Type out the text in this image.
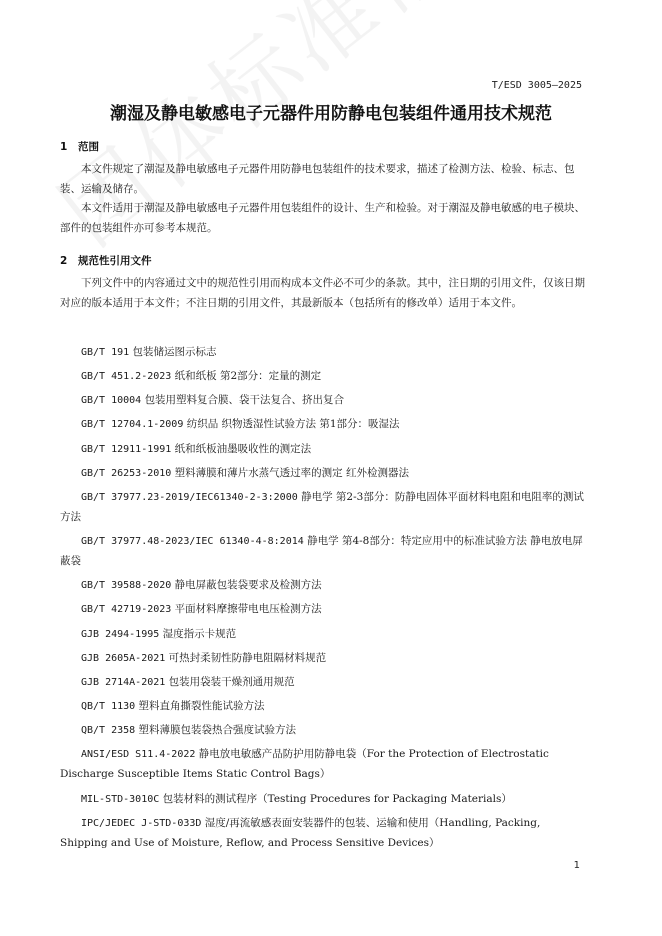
T/ESD 3005—2025
潮湿及静电敏感电子元器件用防静电包装组件通用技术规范
1 范围

本文件规定了潮湿及静电敏感电子元器件用防静电包装组件的技术要求，描述了检测方法、检验、标志、包装、运输及储存。

本文件适用于潮湿及静电敏感电子元器件用包装组件的设计、生产和检验。对于潮湿及静电敏感的电子模块、部件的包装组件亦可参考本规范。

2 规范性引用文件

下列文件中的内容通过文中的规范性引用而构成本文件必不可少的条款。其中，注日期的引用文件，仅该日期对应的版本适用于本文件；不注日期的引用文件，其最新版本（包括所有的修改单）适用于本文件。

GB/T 191 包装储运图示标志

GB/T 451.2-2023 纸和纸板 第2部分：定量的测定

GB/T 10004 包装用塑料复合膜、袋干法复合、挤出复合

GB/T 12704.1-2009 纺织品 织物透湿性试验方法 第1部分：吸湿法

GB/T 12911-1991 纸和纸板油墨吸收性的测定法

GB/T 26253-2010 塑料薄膜和薄片水蒸气透过率的测定 红外检测器法

GB/T 37977.23-2019/IEC61340-2-3:2000 静电学 第2-3部分：防静电固体平面材料电阻和电阻率的测试方法

GB/T 37977.48-2023/IEC 61340-4-8:2014 静电学 第4-8部分：特定应用中的标准试验方法 静电放电屏蔽袋

GB/T 39588-2020 静电屏蔽包装袋要求及检测方法

GB/T 42719-2023 平面材料摩擦带电电压检测方法

GJB 2494-1995 湿度指示卡规范

GJB 2605A-2021 可热封柔韧性防静电阻隔材料规范

GJB 2714A-2021 包装用袋装干燥剂通用规范

QB/T 1130 塑料直角撕裂性能试验方法

QB/T 2358 塑料薄膜包装袋热合强度试验方法

ANSI/ESD S11.4-2022 静电放电敏感产品防护用防静电袋（For the Protection of Electrostatic Discharge Susceptible Items Static Control Bags）

MIL-STD-3010C 包装材料的测试程序（Testing Procedures for Packaging Materials）

IPC/JEDEC J-STD-033D 湿度/再流敏感表面安装器件的包装、运输和使用（Handling, Packing, Shipping and Use of Moisture, Reflow, and Process Sensitive Devices）

1
